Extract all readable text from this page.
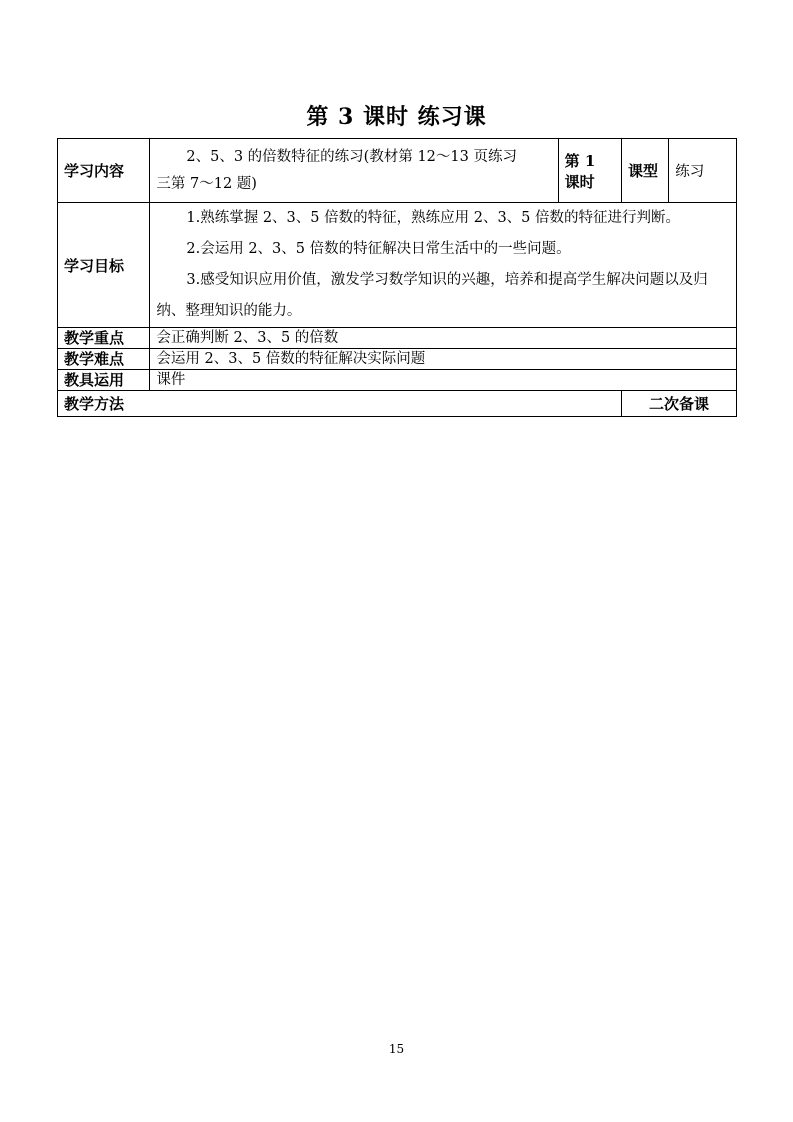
第 3 课时 练习课
学习内容	2、5、3 的倍数特征的练习(教材第 12～13 页练习
三第 7～12 题)	第 1 课时	课型	练习
学习目标	1.熟练掌握 2、3、5 倍数的特征，熟练应用 2、3、5 倍数的特征进行判断。

2.会运用 2、3、5 倍数的特征解决日常生活中的一些问题。

3.感受知识应用价值，激发学习数学知识的兴趣，培养和提高学生解决问题以及归纳、整理知识的能力。			

教学重点	会正确判断 2、3、5 的倍数			
教学难点	会运用 2、3、5 倍数的特征解决实际问题			
教具运用	课件			
教学方法			二次备课	
15
